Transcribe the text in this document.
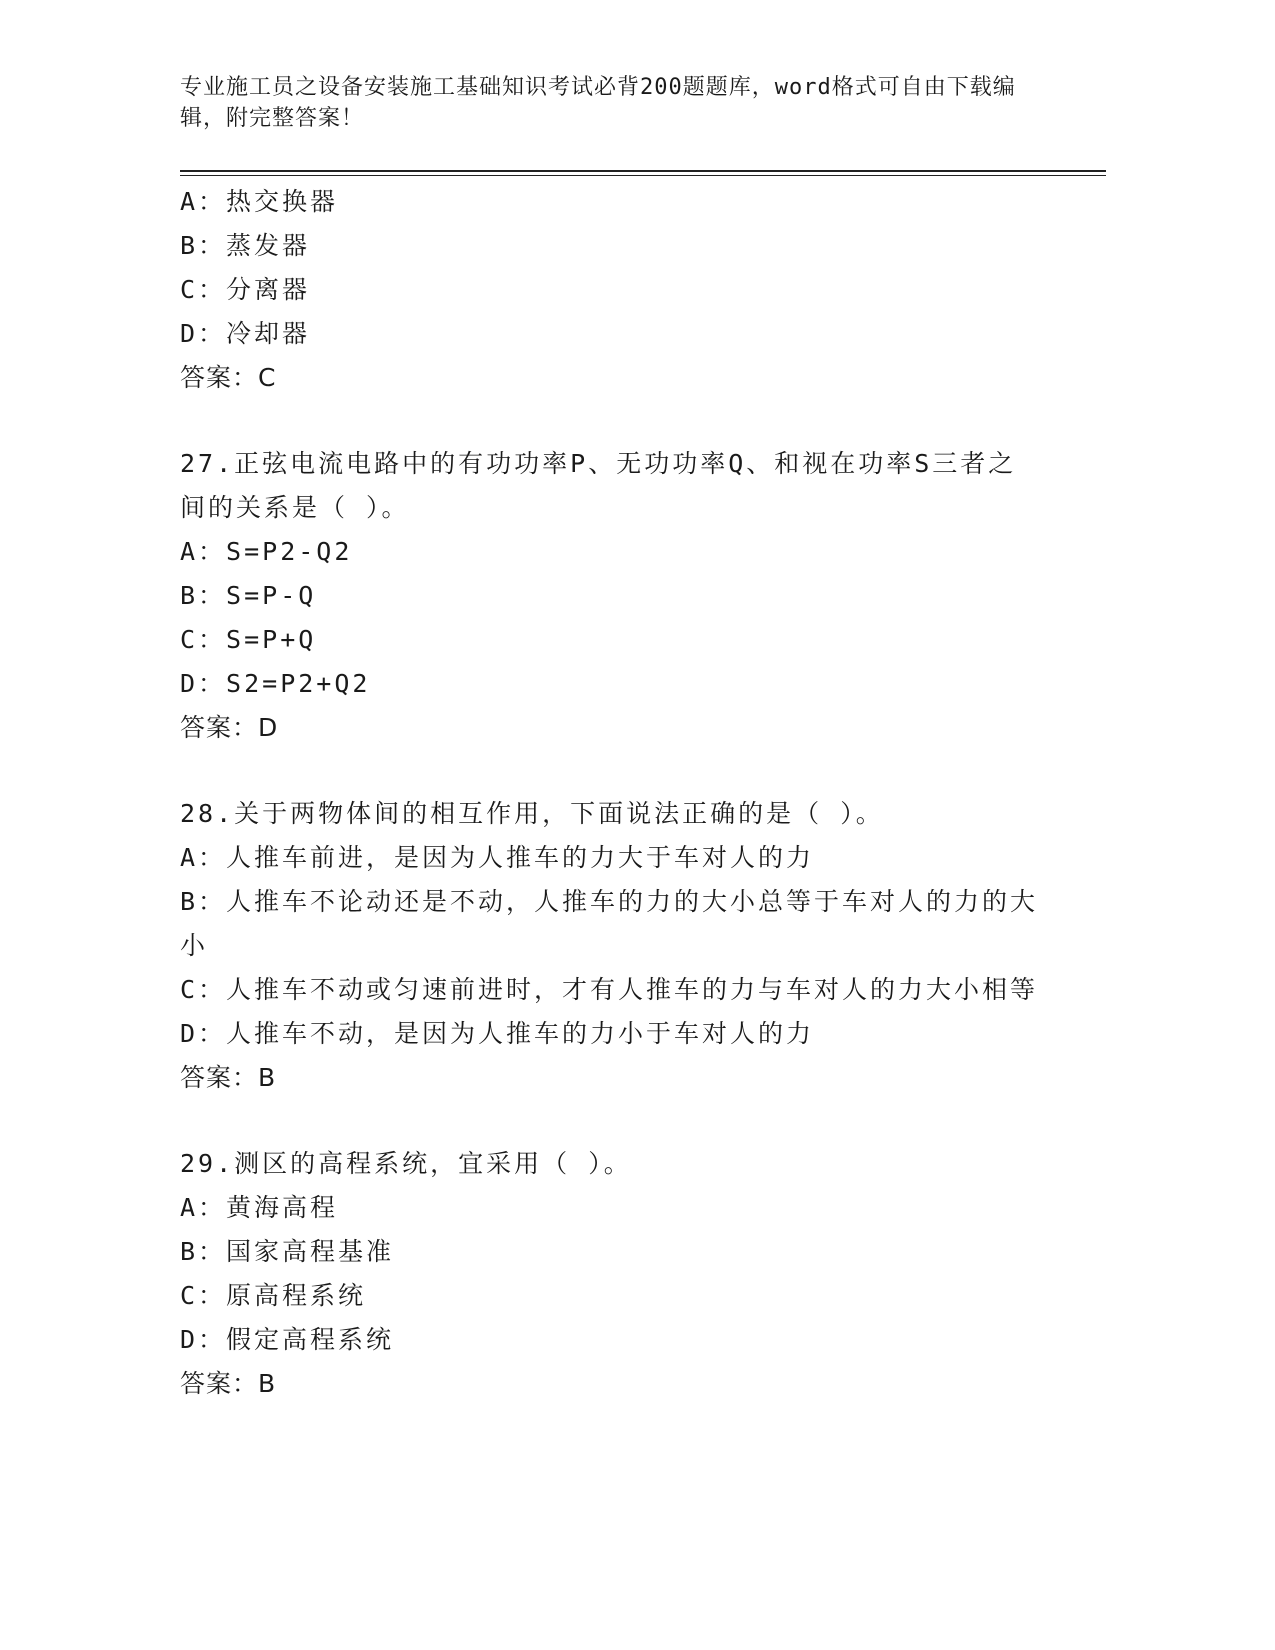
专业施工员之设备安装施工基础知识考试必背200题题库，word格式可自由下载编辑，附完整答案！
A：热交换器
B：蒸发器
C：分离器
D：冷却器
答案：C
27.正弦电流电路中的有功功率P、无功功率Q、和视在功率S三者之
间的关系是（ ）。
A：S=P2-Q2
B：S=P-Q
C：S=P+Q
D：S2=P2+Q2
答案：D
28.关于两物体间的相互作用，下面说法正确的是（ ）。
A：人推车前进，是因为人推车的力大于车对人的力
B：人推车不论动还是不动，人推车的力的大小总等于车对人的力的大
小
C：人推车不动或匀速前进时，才有人推车的力与车对人的力大小相等
D：人推车不动，是因为人推车的力小于车对人的力
答案：B
29.测区的高程系统，宜采用（ ）。
A：黄海高程
B：国家高程基准
C：原高程系统
D：假定高程系统
答案：B
